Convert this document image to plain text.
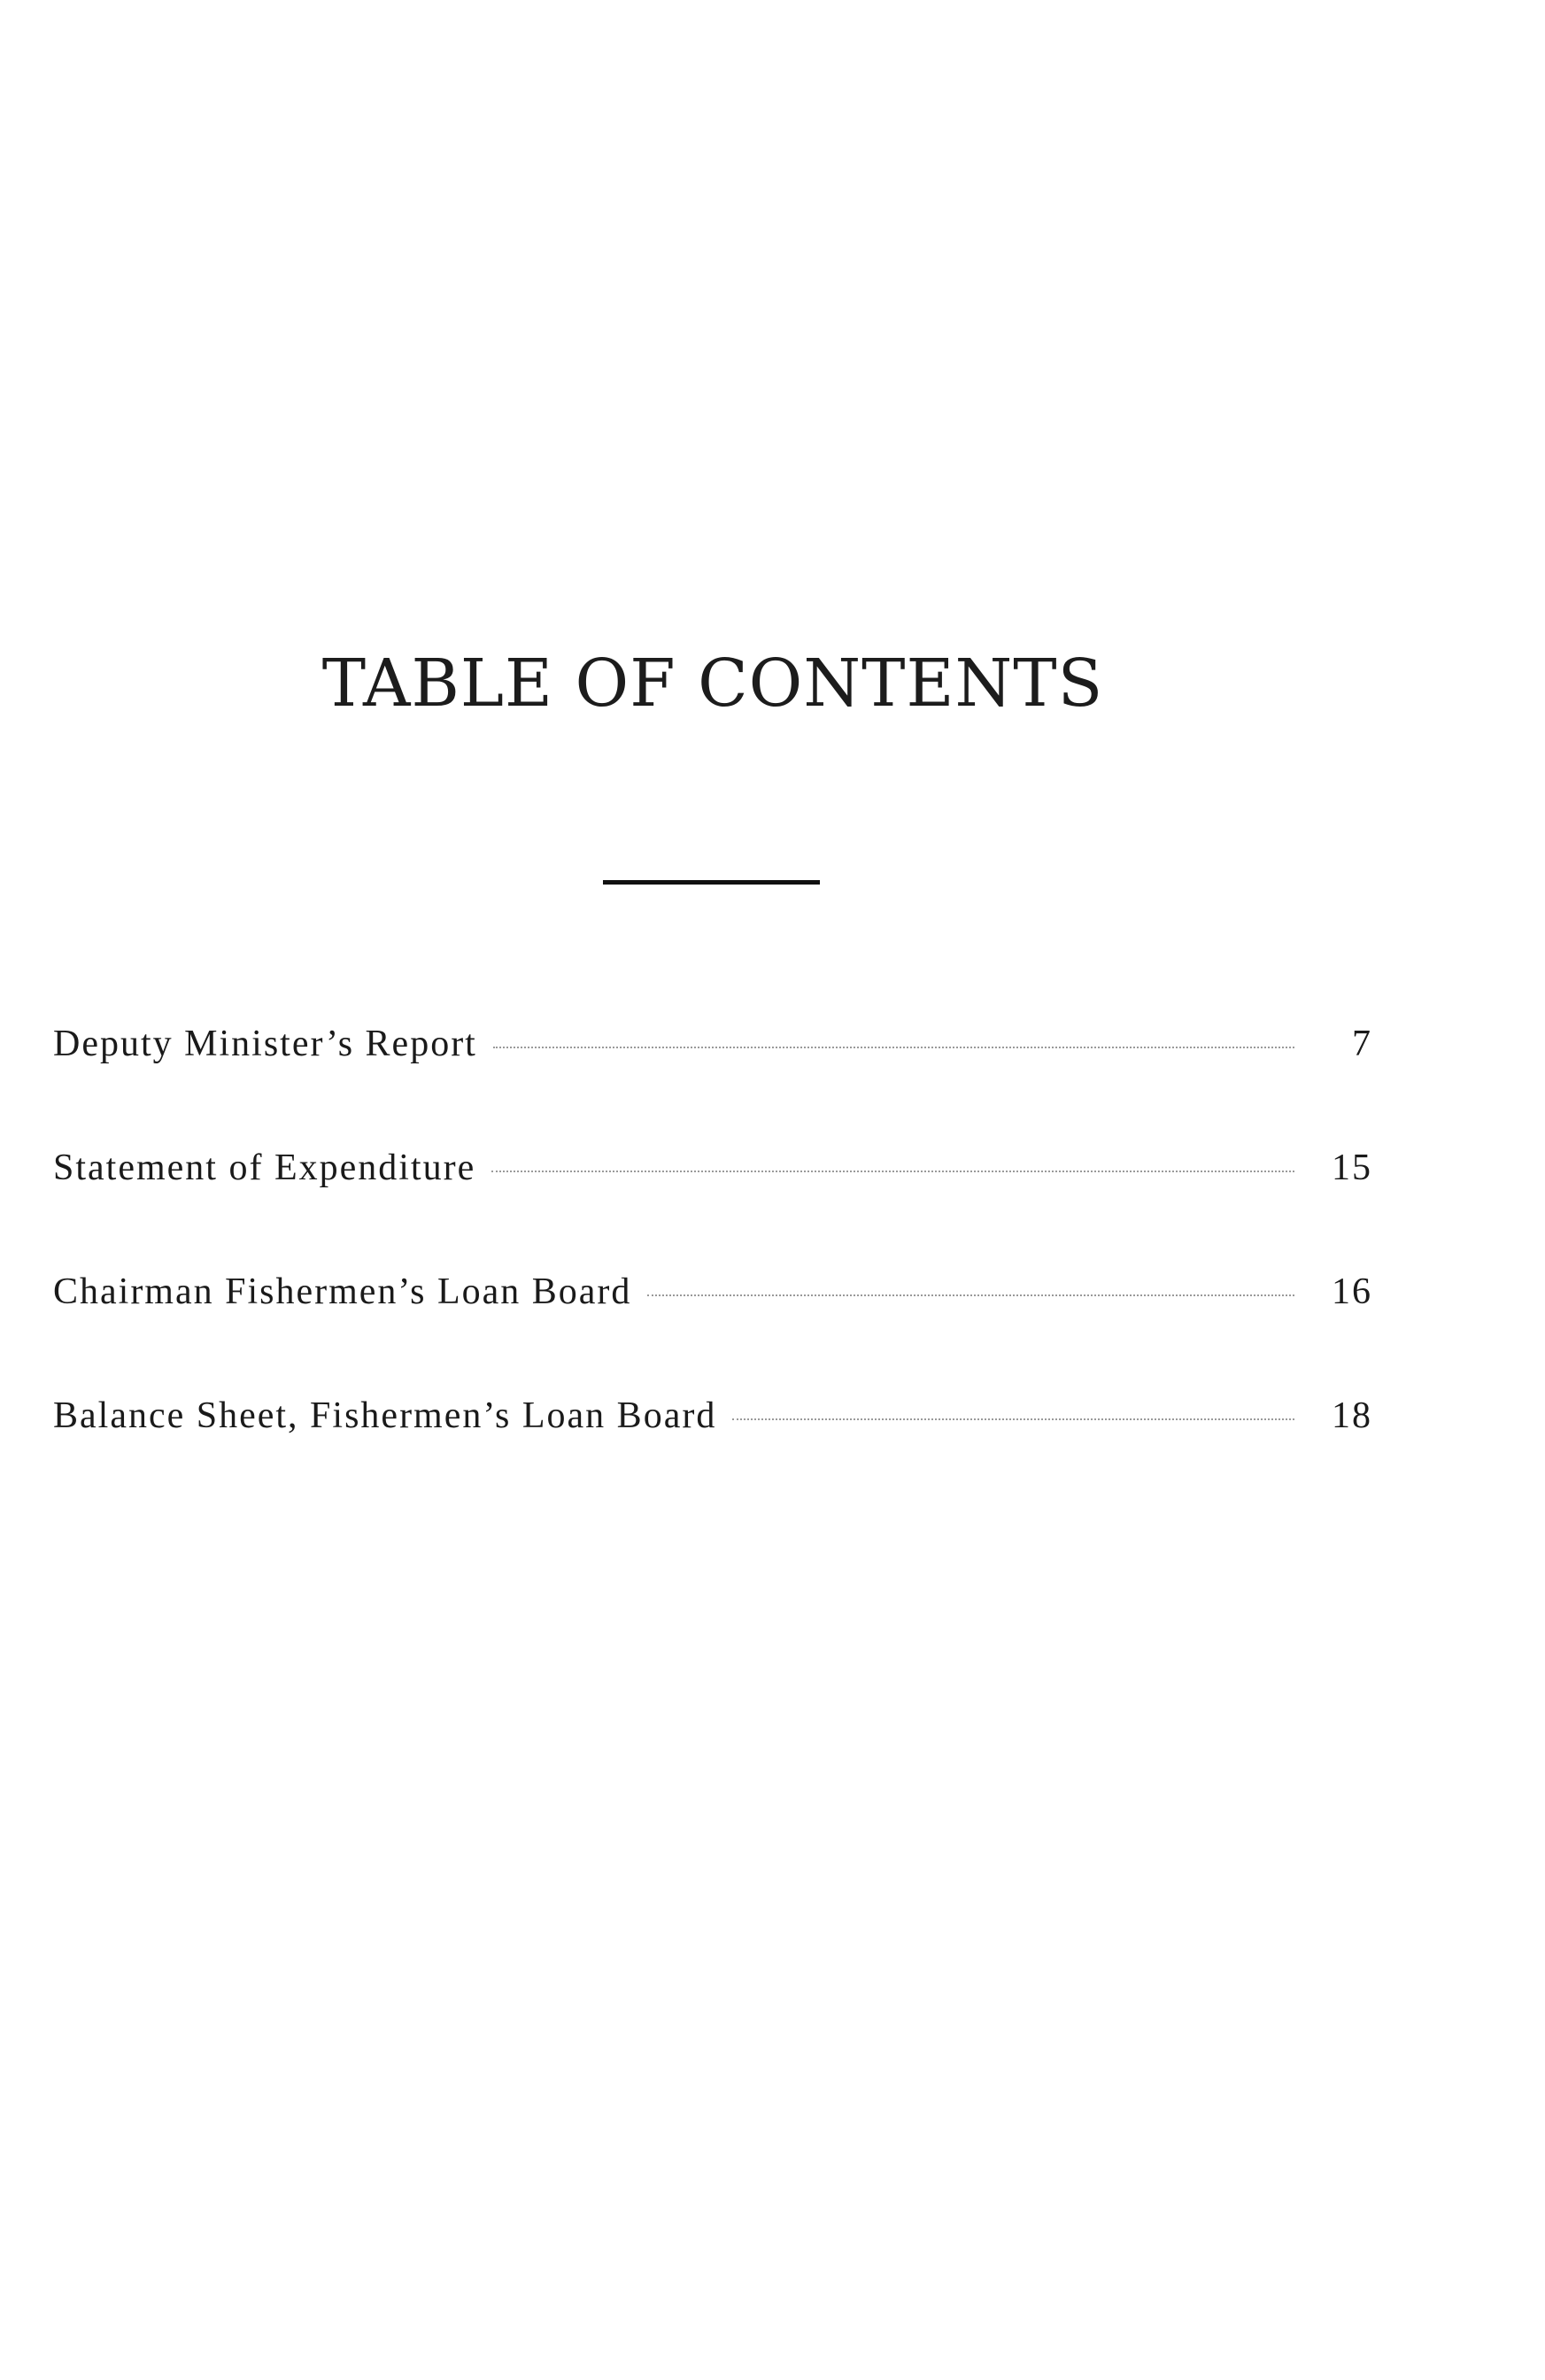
TABLE OF CONTENTS
Deputy Minister’s Report	7
Statement of Expenditure	15
Chairman Fishermen’s Loan Board	16
Balance Sheet, Fishermen’s Loan Board	18
